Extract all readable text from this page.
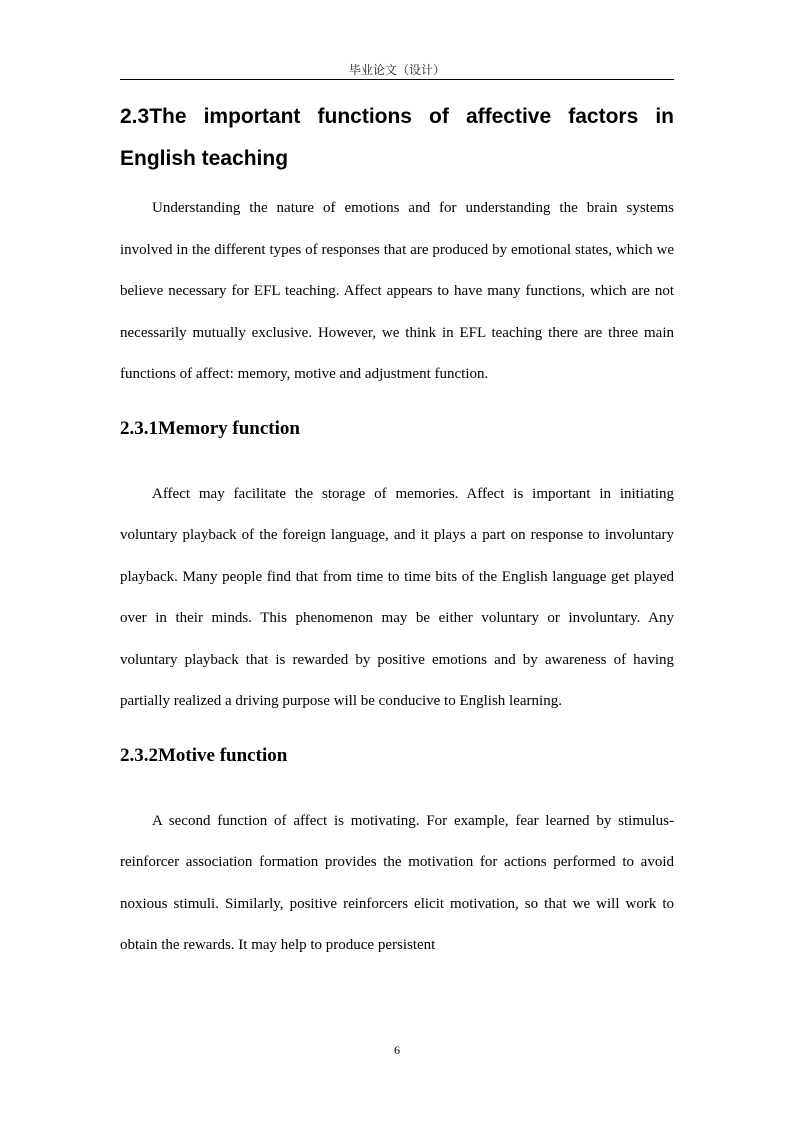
毕业论文（设计）
2.3The important functions of affective factors in
English teaching

Understanding the nature of emotions and for understanding the brain systems involved in the different types of responses that are produced by emotional states, which we believe necessary for EFL teaching. Affect appears to have many functions, which are not necessarily mutually exclusive. However, we think in EFL teaching there are three main functions of affect: memory, motive and adjustment function.

2.3.1Memory function

Affect may facilitate the storage of memories. Affect is important in initiating voluntary playback of the foreign language, and it plays a part on response to involuntary playback. Many people find that from time to time bits of the English language get played over in their minds. This phenomenon may be either voluntary or involuntary. Any voluntary playback that is rewarded by positive emotions and by awareness of having partially realized a driving purpose will be conducive to English learning.

2.3.2Motive function

A second function of affect is motivating. For example, fear learned by stimulus-reinforcer association formation provides the motivation for actions performed to avoid noxious stimuli. Similarly, positive reinforcers elicit motivation, so that we will work to obtain the rewards. It may help to produce persistent

6
